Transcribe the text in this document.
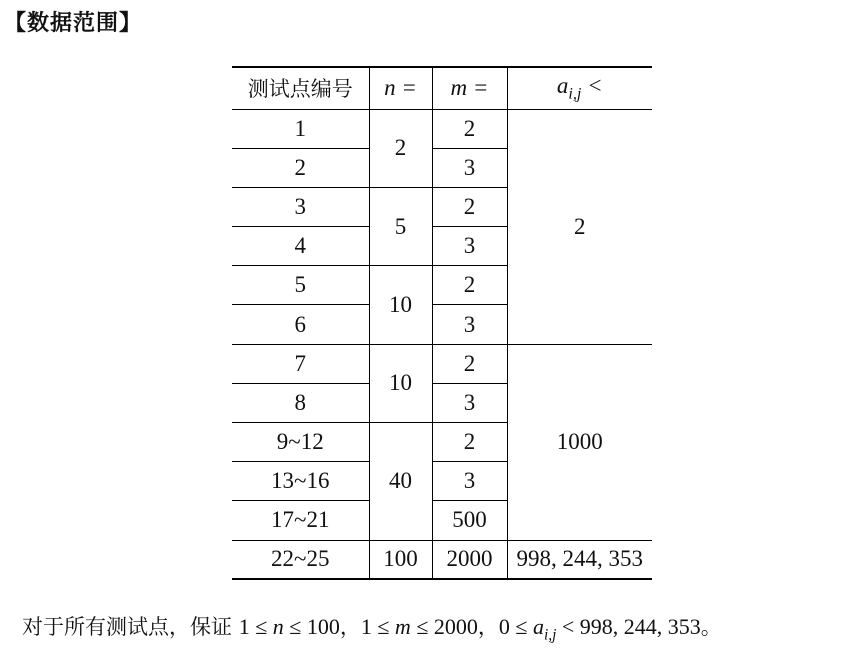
【数据范围】
测试点编号	n =	m =	$a_{i,j}$ <
1	2	2	2
2		3	
3	5	2	
4		3	
5	10	2	
6		3	
7	10	2	1000
8		3	
9~12	40	2	
13~16		3	
17~21		500	
22~25	100	2000	998, 244, 353
对于所有测试点，保证 1 ≤ n ≤ 100，1 ≤ m ≤ 2000，$0 \le a_{i,j} < 998$, 244, 353。
